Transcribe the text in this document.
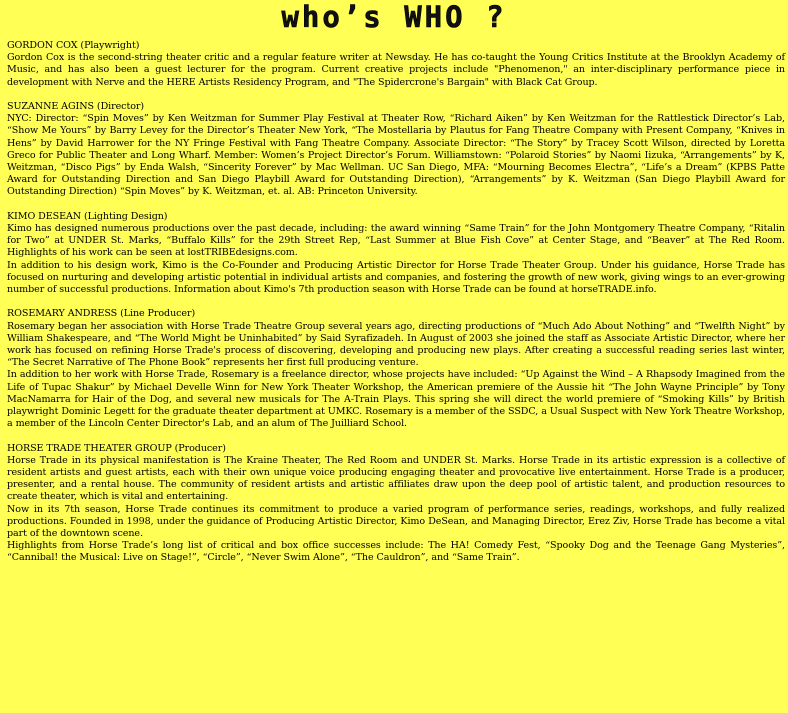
who’s WHO ?
GORDON COX (Playwright)

Gordon Cox is the second-string theater critic and a regular feature writer at Newsday. He has co-taught the Young Critics Institute at the Brooklyn Academy of Music, and has also been a guest lecturer for the program. Current creative projects include "Phenomenon," an inter-disciplinary performance piece in development with Nerve and the HERE Artists Residency Program, and "The Spidercrone's Bargain" with Black Cat Group.

SUZANNE AGINS (Director)

NYC: Director: “Spin Moves” by Ken Weitzman for Summer Play Festival at Theater Row, “Richard Aiken” by Ken Weitzman for the Rattlestick Director’s Lab, “Show Me Yours” by Barry Levey for the Director’s Theater New York, “The Mostellaria by Plautus for Fang Theatre Company with Present Company, “Knives in Hens” by David Harrower for the NY Fringe Festival with Fang Theatre Company. Associate Director: “The Story” by Tracey Scott Wilson, directed by Loretta Greco for Public Theater and Long Wharf. Member: Women’s Project Director’s Forum. Williamstown: “Polaroid Stories” by Naomi Iizuka, “Arrangements” by K, Weitzman, “Disco Pigs” by Enda Walsh, “Sincerity Forever” by Mac Wellman. UC San Diego, MFA: “Mourning Becomes Electra”, “Life’s a Dream” (KPBS Patte Award for Outstanding Direction and San Diego Playbill Award for Outstanding Direction), “Arrangements” by K. Weitzman (San Diego Playbill Award for Outstanding Direction) “Spin Moves” by K. Weitzman, et. al. AB: Princeton University.

KIMO DESEAN (Lighting Design)

Kimo has designed numerous productions over the past decade, including: the award winning “Same Train” for the John Montgomery Theatre Company, “Ritalin for Two” at UNDER St. Marks, “Buffalo Kills” for the 29th Street Rep, “Last Summer at Blue Fish Cove” at Center Stage, and “Beaver” at The Red Room. Highlights of his work can be seen at lostTRIBEdesigns.com.

In addition to his design work, Kimo is the Co-Founder and Producing Artistic Director for Horse Trade Theater Group. Under his guidance, Horse Trade has focused on nurturing and developing artistic potential in individual artists and companies, and fostering the growth of new work, giving wings to an ever-growing number of successful productions. Information about Kimo's 7th production season with Horse Trade can be found at horseTRADE.info.

ROSEMARY ANDRESS (Line Producer)

Rosemary began her association with Horse Trade Theatre Group several years ago, directing productions of “Much Ado About Nothing” and “Twelfth Night” by William Shakespeare, and “The World Might be Uninhabited” by Said Syrafizadeh. In August of 2003 she joined the staff as Associate Artistic Director, where her work has focused on refining Horse Trade's process of discovering, developing and producing new plays. After creating a successful reading series last winter, “The Secret Narrative of The Phone Book” represents her first full producing venture.

In addition to her work with Horse Trade, Rosemary is a freelance director, whose projects have included: “Up Against the Wind – A Rhapsody Imagined from the Life of Tupac Shakur” by Michael Develle Winn for New York Theater Workshop, the American premiere of the Aussie hit “The John Wayne Principle” by Tony MacNamarra for Hair of the Dog, and several new musicals for The A-Train Plays. This spring she will direct the world premiere of “Smoking Kills” by British playwright Dominic Legett for the graduate theater department at UMKC. Rosemary is a member of the SSDC, a Usual Suspect with New York Theatre Workshop, a member of the Lincoln Center Director's Lab, and an alum of The Juilliard School.

HORSE TRADE THEATER GROUP (Producer)

Horse Trade in its physical manifestation is The Kraine Theater, The Red Room and UNDER St. Marks. Horse Trade in its artistic expression is a collective of resident artists and guest artists, each with their own unique voice producing engaging theater and provocative live entertainment. Horse Trade is a producer, presenter, and a rental house. The community of resident artists and artistic affiliates draw upon the deep pool of artistic talent, and production resources to create theater, which is vital and entertaining.

Now in its 7th season, Horse Trade continues its commitment to produce a varied program of performance series, readings, workshops, and fully realized productions. Founded in 1998, under the guidance of Producing Artistic Director, Kimo DeSean, and Managing Director, Erez Ziv, Horse Trade has become a vital part of the downtown scene.

Highlights from Horse Trade’s long list of critical and box office successes include: The HA! Comedy Fest, “Spooky Dog and the Teenage Gang Mysteries”, “Cannibal! the Musical: Live on Stage!”, “Circle”, “Never Swim Alone”, “The Cauldron”, and “Same Train”.
